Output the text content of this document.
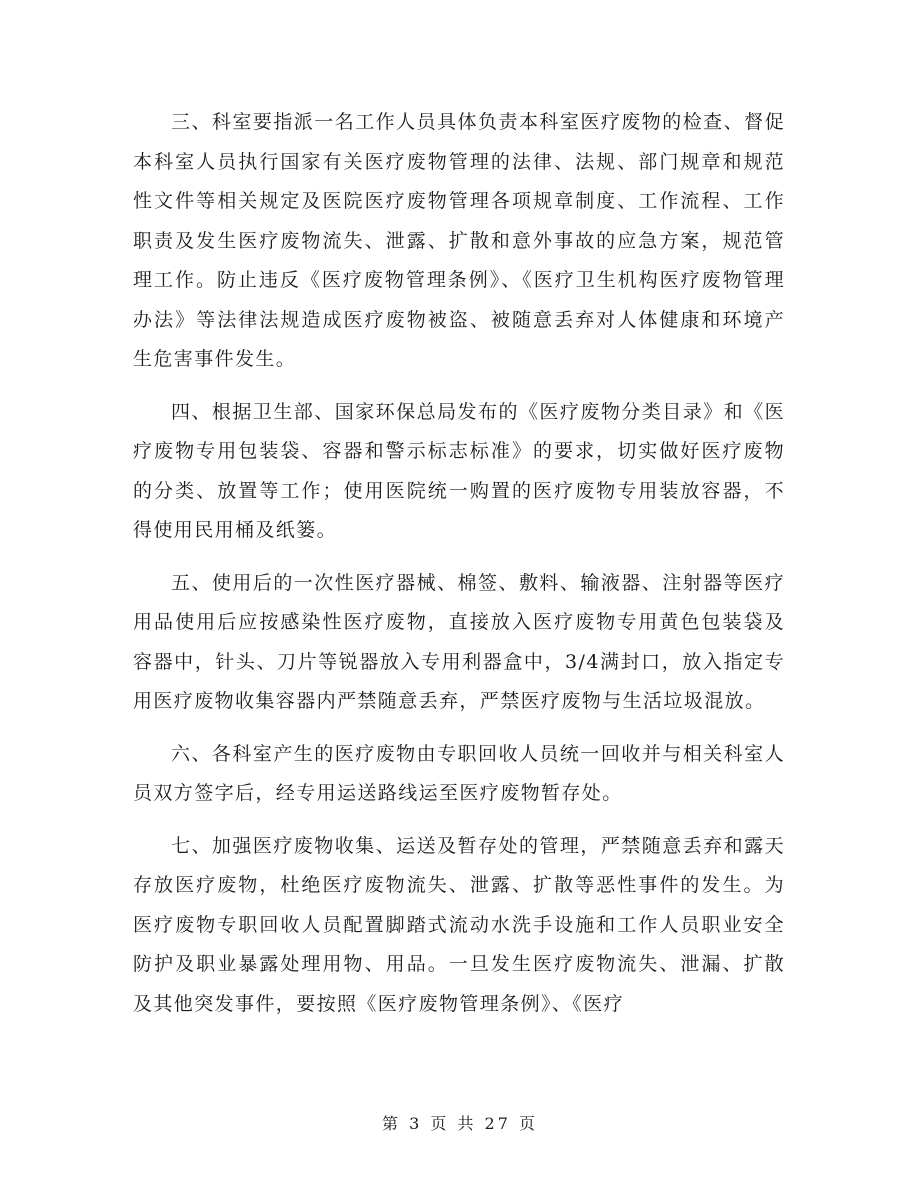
三、科室要指派一名工作人员具体负责本科室医疗废物的检查、督促本科室人员执行国家有关医疗废物管理的法律、法规、部门规章和规范性文件等相关规定及医院医疗废物管理各项规章制度、工作流程、工作职责及发生医疗废物流失、泄露、扩散和意外事故的应急方案，规范管理工作。防止违反《医疗废物管理条例》、《医疗卫生机构医疗废物管理办法》等法律法规造成医疗废物被盗、被随意丢弃对人体健康和环境产生危害事件发生。

四、根据卫生部、国家环保总局发布的《医疗废物分类目录》和《医疗废物专用包装袋、容器和警示标志标准》的要求，切实做好医疗废物的分类、放置等工作；使用医院统一购置的医疗废物专用装放容器，不得使用民用桶及纸篓。

五、使用后的一次性医疗器械、棉签、敷料、输液器、注射器等医疗用品使用后应按感染性医疗废物，直接放入医疗废物专用黄色包装袋及容器中，针头、刀片等锐器放入专用利器盒中，3/4满封口，放入指定专用医疗废物收集容器内严禁随意丢弃，严禁医疗废物与生活垃圾混放。

六、各科室产生的医疗废物由专职回收人员统一回收并与相关科室人员双方签字后，经专用运送路线运至医疗废物暂存处。

七、加强医疗废物收集、运送及暂存处的管理，严禁随意丢弃和露天存放医疗废物，杜绝医疗废物流失、泄露、扩散等恶性事件的发生。为医疗废物专职回收人员配置脚踏式流动水洗手设施和工作人员职业安全防护及职业暴露处理用物、用品。一旦发生医疗废物流失、泄漏、扩散及其他突发事件，要按照《医疗废物管理条例》、《医疗

第 3 页 共 27 页
